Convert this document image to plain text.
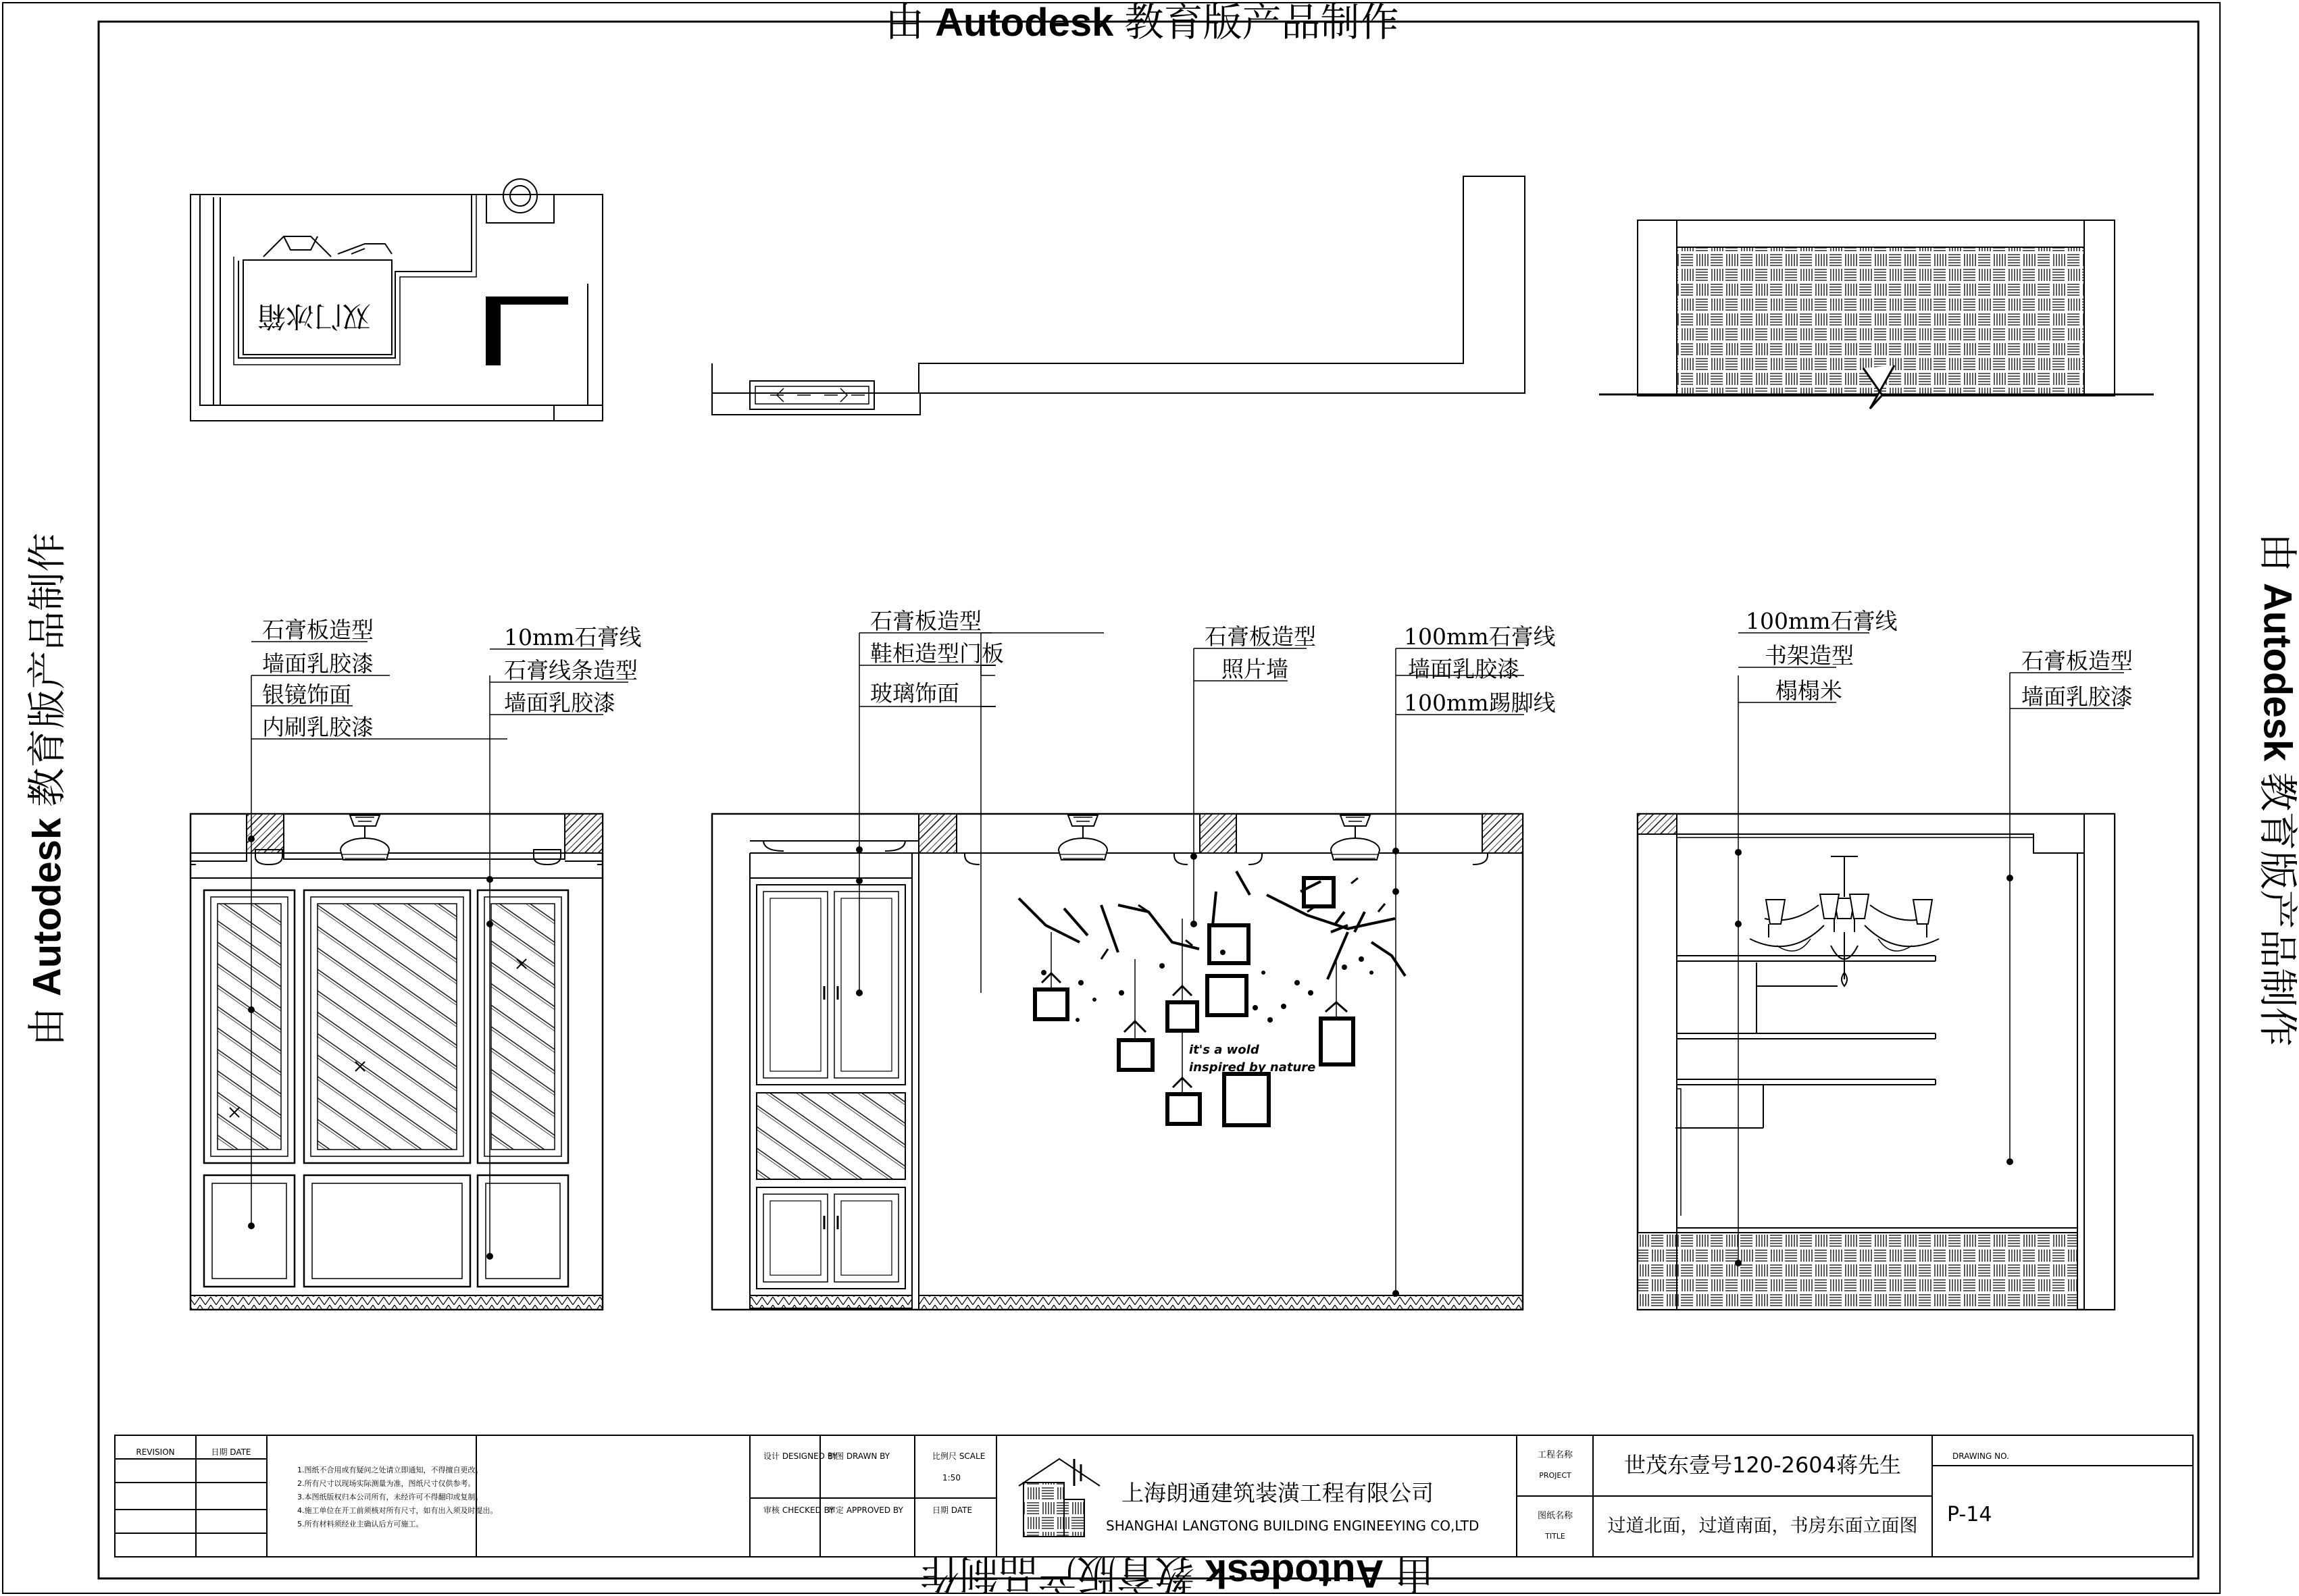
双门冰箱
石膏板造型
墙面乳胶漆
银镜饰面
内刷乳胶漆
10mm石膏线
石膏线条造型
墙面乳胶漆
it's a wold
inspired by nature
石膏板造型
鞋柜造型门板
玻璃饰面
石膏板造型
照片墙
100mm石膏线
墙面乳胶漆
100mm踢脚线
100mm石膏线
书架造型
榻榻米
石膏板造型
墙面乳胶漆
REVISION	日期 DATE
1.图纸不合用或有疑问之处请立即通知，不得擅自更改。
2.所有尺寸以现场实际测量为准，图纸尺寸仅供参考。
3.本图纸版权归本公司所有，未经许可不得翻印或复制。
4.施工单位在开工前须核对所有尺寸，如有出入须及时提出。
5.所有材料须经业主确认后方可施工。
设计 DESIGNED BY
审核 CHECKED BY
制图 DRAWN BY
审定 APPROVED BY
比例尺 SCALE
1:50
日期 DATE
上海朗通建筑装潢工程有限公司
SHANGHAI LANGTONG BUILDING ENGINEEYING CO,LTD
工程名称
PROJECT
图纸名称
TITLE
世茂东壹号120-2604蒋先生
过道北面，过道南面，书房东面立面图
DRAWING NO.
P-14
由 Autodesk 教育版产品制作
由 Autodesk 教育版产品制作
由 Autodesk 教育版产品制作	由 Autodesk 教育版产品制作
